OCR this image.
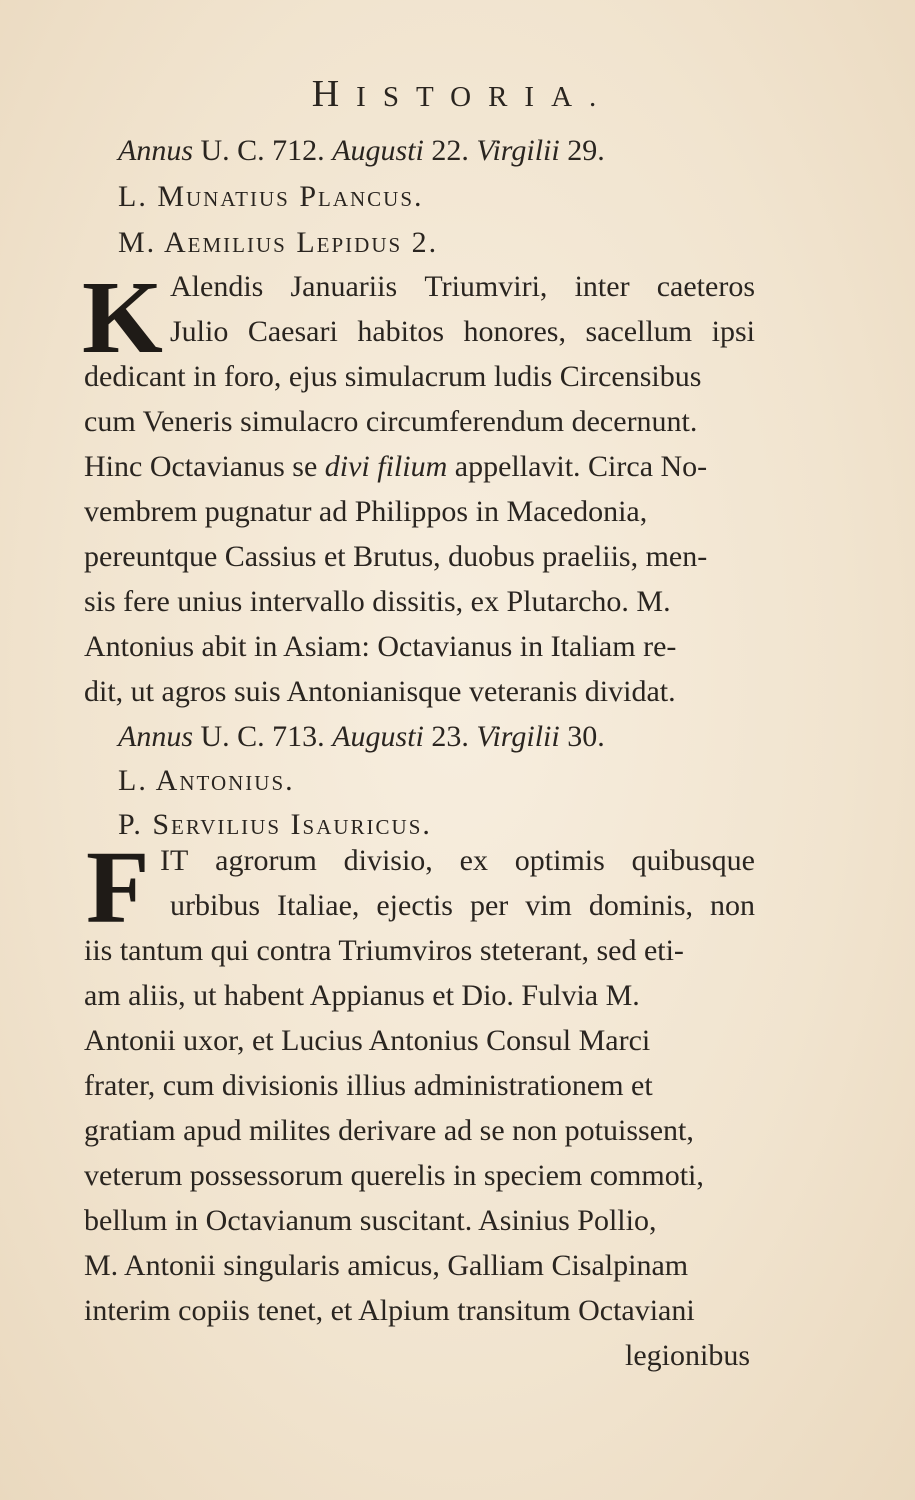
HISTORIA.
Annus U. C. 712. Augusti 22. Virgilii 29.
L. Munatius Plancus.
M. Aemilius Lepidus 2.
K Alendis Januariis Triumviri, inter caeteros
Julio Caesari habitos honores, sacellum ipsi
dedicant in foro, ejus simulacrum ludis Circensibus
cum Veneris simulacro circumferendum decernunt.
Hinc Octavianus se divi filium appellavit. Circa No-
vembrem pugnatur ad Philippos in Macedonia,
pereuntque Cassius et Brutus, duobus praeliis, men-
sis fere unius intervallo dissitis, ex Plutarcho. M.
Antonius abit in Asiam: Octavianus in Italiam re-
dit, ut agros suis Antonianisque veteranis dividat.
Annus U. C. 713. Augusti 23. Virgilii 30.
L. Antonius.
P. Servilius Isauricus.
F IT agrorum divisio, ex optimis quibusque
urbibus Italiae, ejectis per vim dominis, non
iis tantum qui contra Triumviros steterant, sed eti-
am aliis, ut habent Appianus et Dio. Fulvia M.
Antonii uxor, et Lucius Antonius Consul Marci
frater, cum divisionis illius administrationem et
gratiam apud milites derivare ad se non potuissent,
veterum possessorum querelis in speciem commoti,
bellum in Octavianum suscitant. Asinius Pollio,
M. Antonii singularis amicus, Galliam Cisalpinam
interim copiis tenet, et Alpium transitum Octaviani
legionibus
